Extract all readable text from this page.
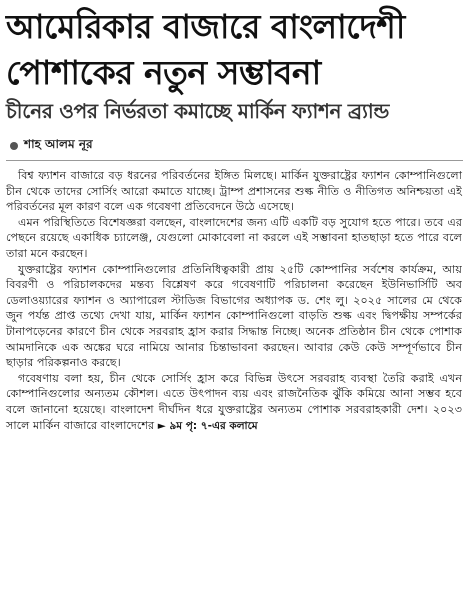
আমেরিকার বাজারে বাংলাদেশী
পোশাকের নতুন সম্ভাবনা
চীনের ওপর নির্ভরতা কমাচ্ছে মার্কিন ফ্যাশন ব্র্যান্ড
শাহ আলম নূর

বিশ্ব ফ্যাশন বাজারে বড় ধরনের পরিবর্তনের ইঙ্গিত মিলছে। মার্কিন যুক্তরাষ্ট্রের ফ্যাশন কোম্পানিগুলো চীন থেকে তাদের সোর্সিং আরো কমাতে যাচ্ছে। ট্রাম্প প্রশাসনের শুল্ক নীতি ও নীতিগত অনিশ্চয়তা এই পরিবর্তনের মূল কারণ বলে এক গবেষণা প্রতিবেদনে উঠে এসেছে।

এমন পরিস্থিতিতে বিশেষজ্ঞরা বলছেন, বাংলাদেশের জন্য এটি একটি বড় সুযোগ হতে পারে। তবে এর পেছনে রয়েছে একাধিক চ্যালেঞ্জ, যেগুলো মোকাবেলা না করলে এই সম্ভাবনা হাতছাড়া হতে পারে বলে তারা মনে করছেন।

যুক্তরাষ্ট্রের ফ্যাশন কোম্পানিগুলোর প্রতিনিধিত্বকারী প্রায় ২৫টি কোম্পানির সর্বশেষ কার্যক্রম, আয় বিবরণী ও পরিচালকদের মন্তব্য বিশ্লেষণ করে গবেষণাটি পরিচালনা করেছেন ইউনিভার্সিটি অব ডেলাওয়্যারের ফ্যাশন ও অ্যাপারেল স্টাডিজ বিভাগের অধ্যাপক ড. শেং লু। ২০২৫ সালের মে থেকে জুন পর্যন্ত প্রাপ্ত তথ্যে দেখা যায়, মার্কিন ফ্যাশন কোম্পানিগুলো বাড়তি শুল্ক এবং দ্বিপক্ষীয় সম্পর্কের টানাপড়েনের কারণে চীন থেকে সরবরাহ হ্রাস করার সিদ্ধান্ত নিচ্ছে। অনেক প্রতিষ্ঠান চীন থেকে পোশাক আমদানিকে এক অঙ্কের ঘরে নামিয়ে আনার চিন্তাভাবনা করছেন। আবার কেউ কেউ সম্পূর্ণভাবে চীন ছাড়ার পরিকল্পনাও করছে।

গবেষণায় বলা হয়, চীন থেকে সোর্সিং হ্রাস করে বিভিন্ন উৎসে সরবরাহ ব্যবস্থা তৈরি করাই এখন কোম্পানিগুলোর অন্যতম কৌশল। এতে উৎপাদন ব্যয় এবং রাজনৈতিক ঝুঁকি কমিয়ে আনা সম্ভব হবে বলে জানানো হয়েছে। বাংলাদেশ দীর্ঘদিন ধরে যুক্তরাষ্ট্রের অন্যতম পোশাক সরবরাহকারী দেশ। ২০২৩ সালে মার্কিন বাজারে বাংলাদেশের ► ৯ম পৃ: ৭-এর কলামে
